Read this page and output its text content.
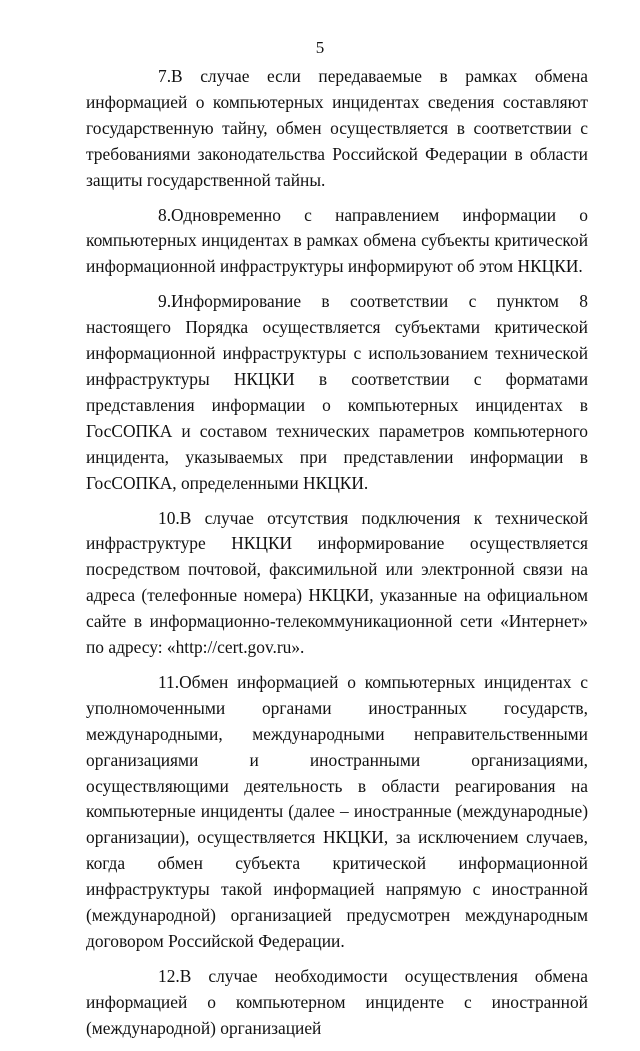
5

7.В случае если передаваемые в рамках обмена информацией о компьютерных инцидентах сведения составляют государственную тайну, обмен осуществляется в соответствии с требованиями законодательства Российской Федерации в области защиты государственной тайны.

8.Одновременно с направлением информации о компьютерных инцидентах в рамках обмена субъекты критической информационной инфраструктуры информируют об этом НКЦКИ.

9.Информирование в соответствии с пунктом 8 настоящего Порядка осуществляется субъектами критической информационной инфраструктуры с использованием технической инфраструктуры НКЦКИ в соответствии с форматами представления информации о компьютерных инцидентах в ГосСОПКА и составом технических параметров компьютерного инцидента, указываемых при представлении информации в ГосСОПКА, определенными НКЦКИ.

10.В случае отсутствия подключения к технической инфраструктуре НКЦКИ информирование осуществляется посредством почтовой, факсимильной или электронной связи на адреса (телефонные номера) НКЦКИ, указанные на официальном сайте в информационно-телекоммуникационной сети «Интернет» по адресу: «http://cert.gov.ru».

11.Обмен информацией о компьютерных инцидентах с уполномоченными органами иностранных государств, международными, международными неправительственными организациями и иностранными организациями, осуществляющими деятельность в области реагирования на компьютерные инциденты (далее – иностранные (международные) организации), осуществляется НКЦКИ, за исключением случаев, когда обмен субъекта критической информационной инфраструктуры такой информацией напрямую с иностранной (международной) организацией предусмотрен международным договором Российской Федерации.

12.В случае необходимости осуществления обмена информацией о компьютерном инциденте с иностранной (международной) организацией
